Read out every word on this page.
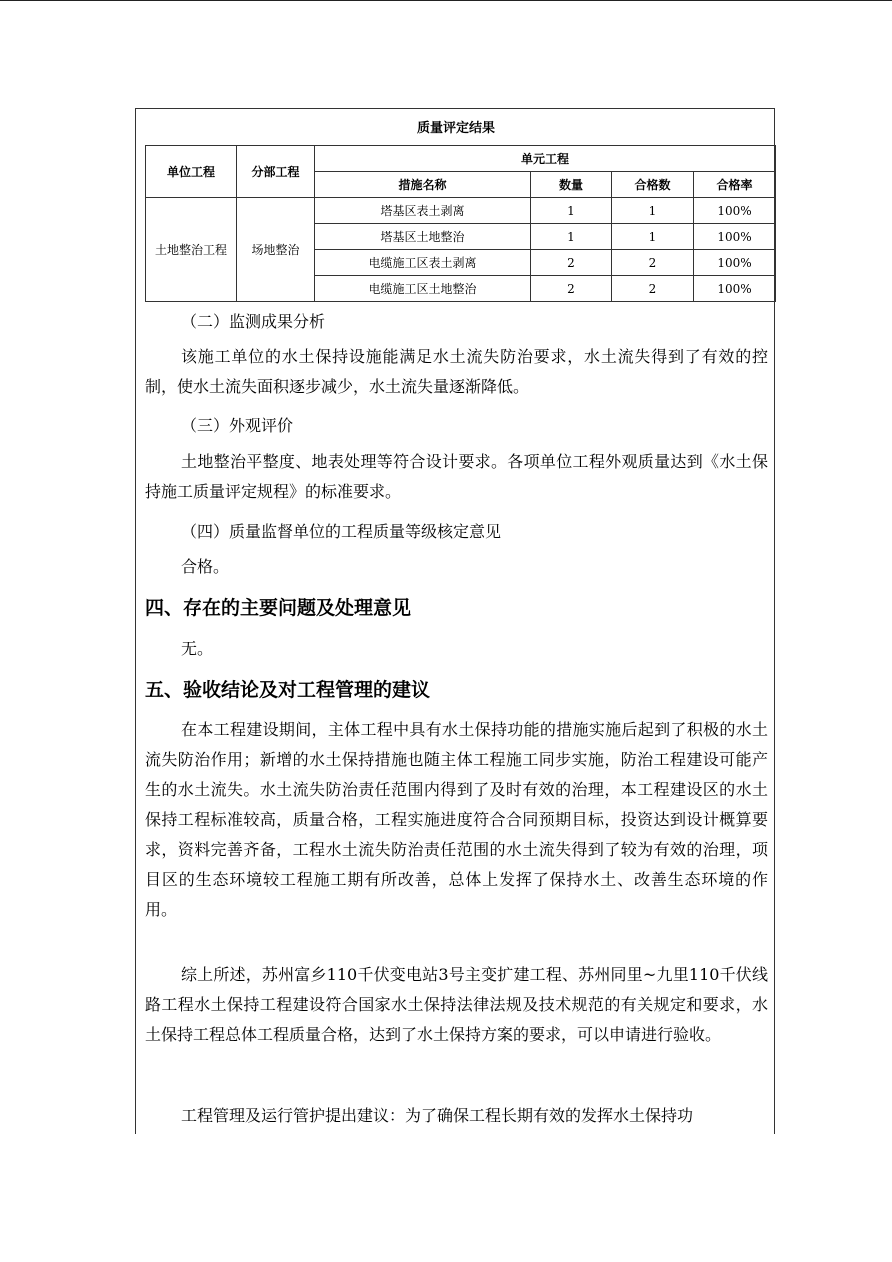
质量评定结果
单位工程	分部工程	单元工程			
		措施名称	数量	合格数	合格率
土地整治工程	场地整治	塔基区表土剥离	1	1	100%
		塔基区土地整治	1	1	100%
		电缆施工区表土剥离	2	2	100%
		电缆施工区土地整治	2	2	100%

（二）监测成果分析

该施工单位的水土保持设施能满足水土流失防治要求，水土流失得到了有效的控制，使水土流失面积逐步减少，水土流失量逐渐降低。

（三）外观评价

土地整治平整度、地表处理等符合设计要求。各项单位工程外观质量达到《水土保持施工质量评定规程》的标准要求。

（四）质量监督单位的工程质量等级核定意见

合格。

四、存在的主要问题及处理意见

无。

五、验收结论及对工程管理的建议

在本工程建设期间，主体工程中具有水土保持功能的措施实施后起到了积极的水土流失防治作用；新增的水土保持措施也随主体工程施工同步实施，防治工程建设可能产生的水土流失。水土流失防治责任范围内得到了及时有效的治理，本工程建设区的水土保持工程标准较高，质量合格，工程实施进度符合合同预期目标，投资达到设计概算要求，资料完善齐备，工程水土流失防治责任范围的水土流失得到了较为有效的治理，项目区的生态环境较工程施工期有所改善，总体上发挥了保持水土、改善生态环境的作用。

综上所述，苏州富乡110千伏变电站3号主变扩建工程、苏州同里~九里110千伏线路工程水土保持工程建设符合国家水土保持法律法规及技术规范的有关规定和要求，水土保持工程总体工程质量合格，达到了水土保持方案的要求，可以申请进行验收。

工程管理及运行管护提出建议：为了确保工程长期有效的发挥水土保持功
